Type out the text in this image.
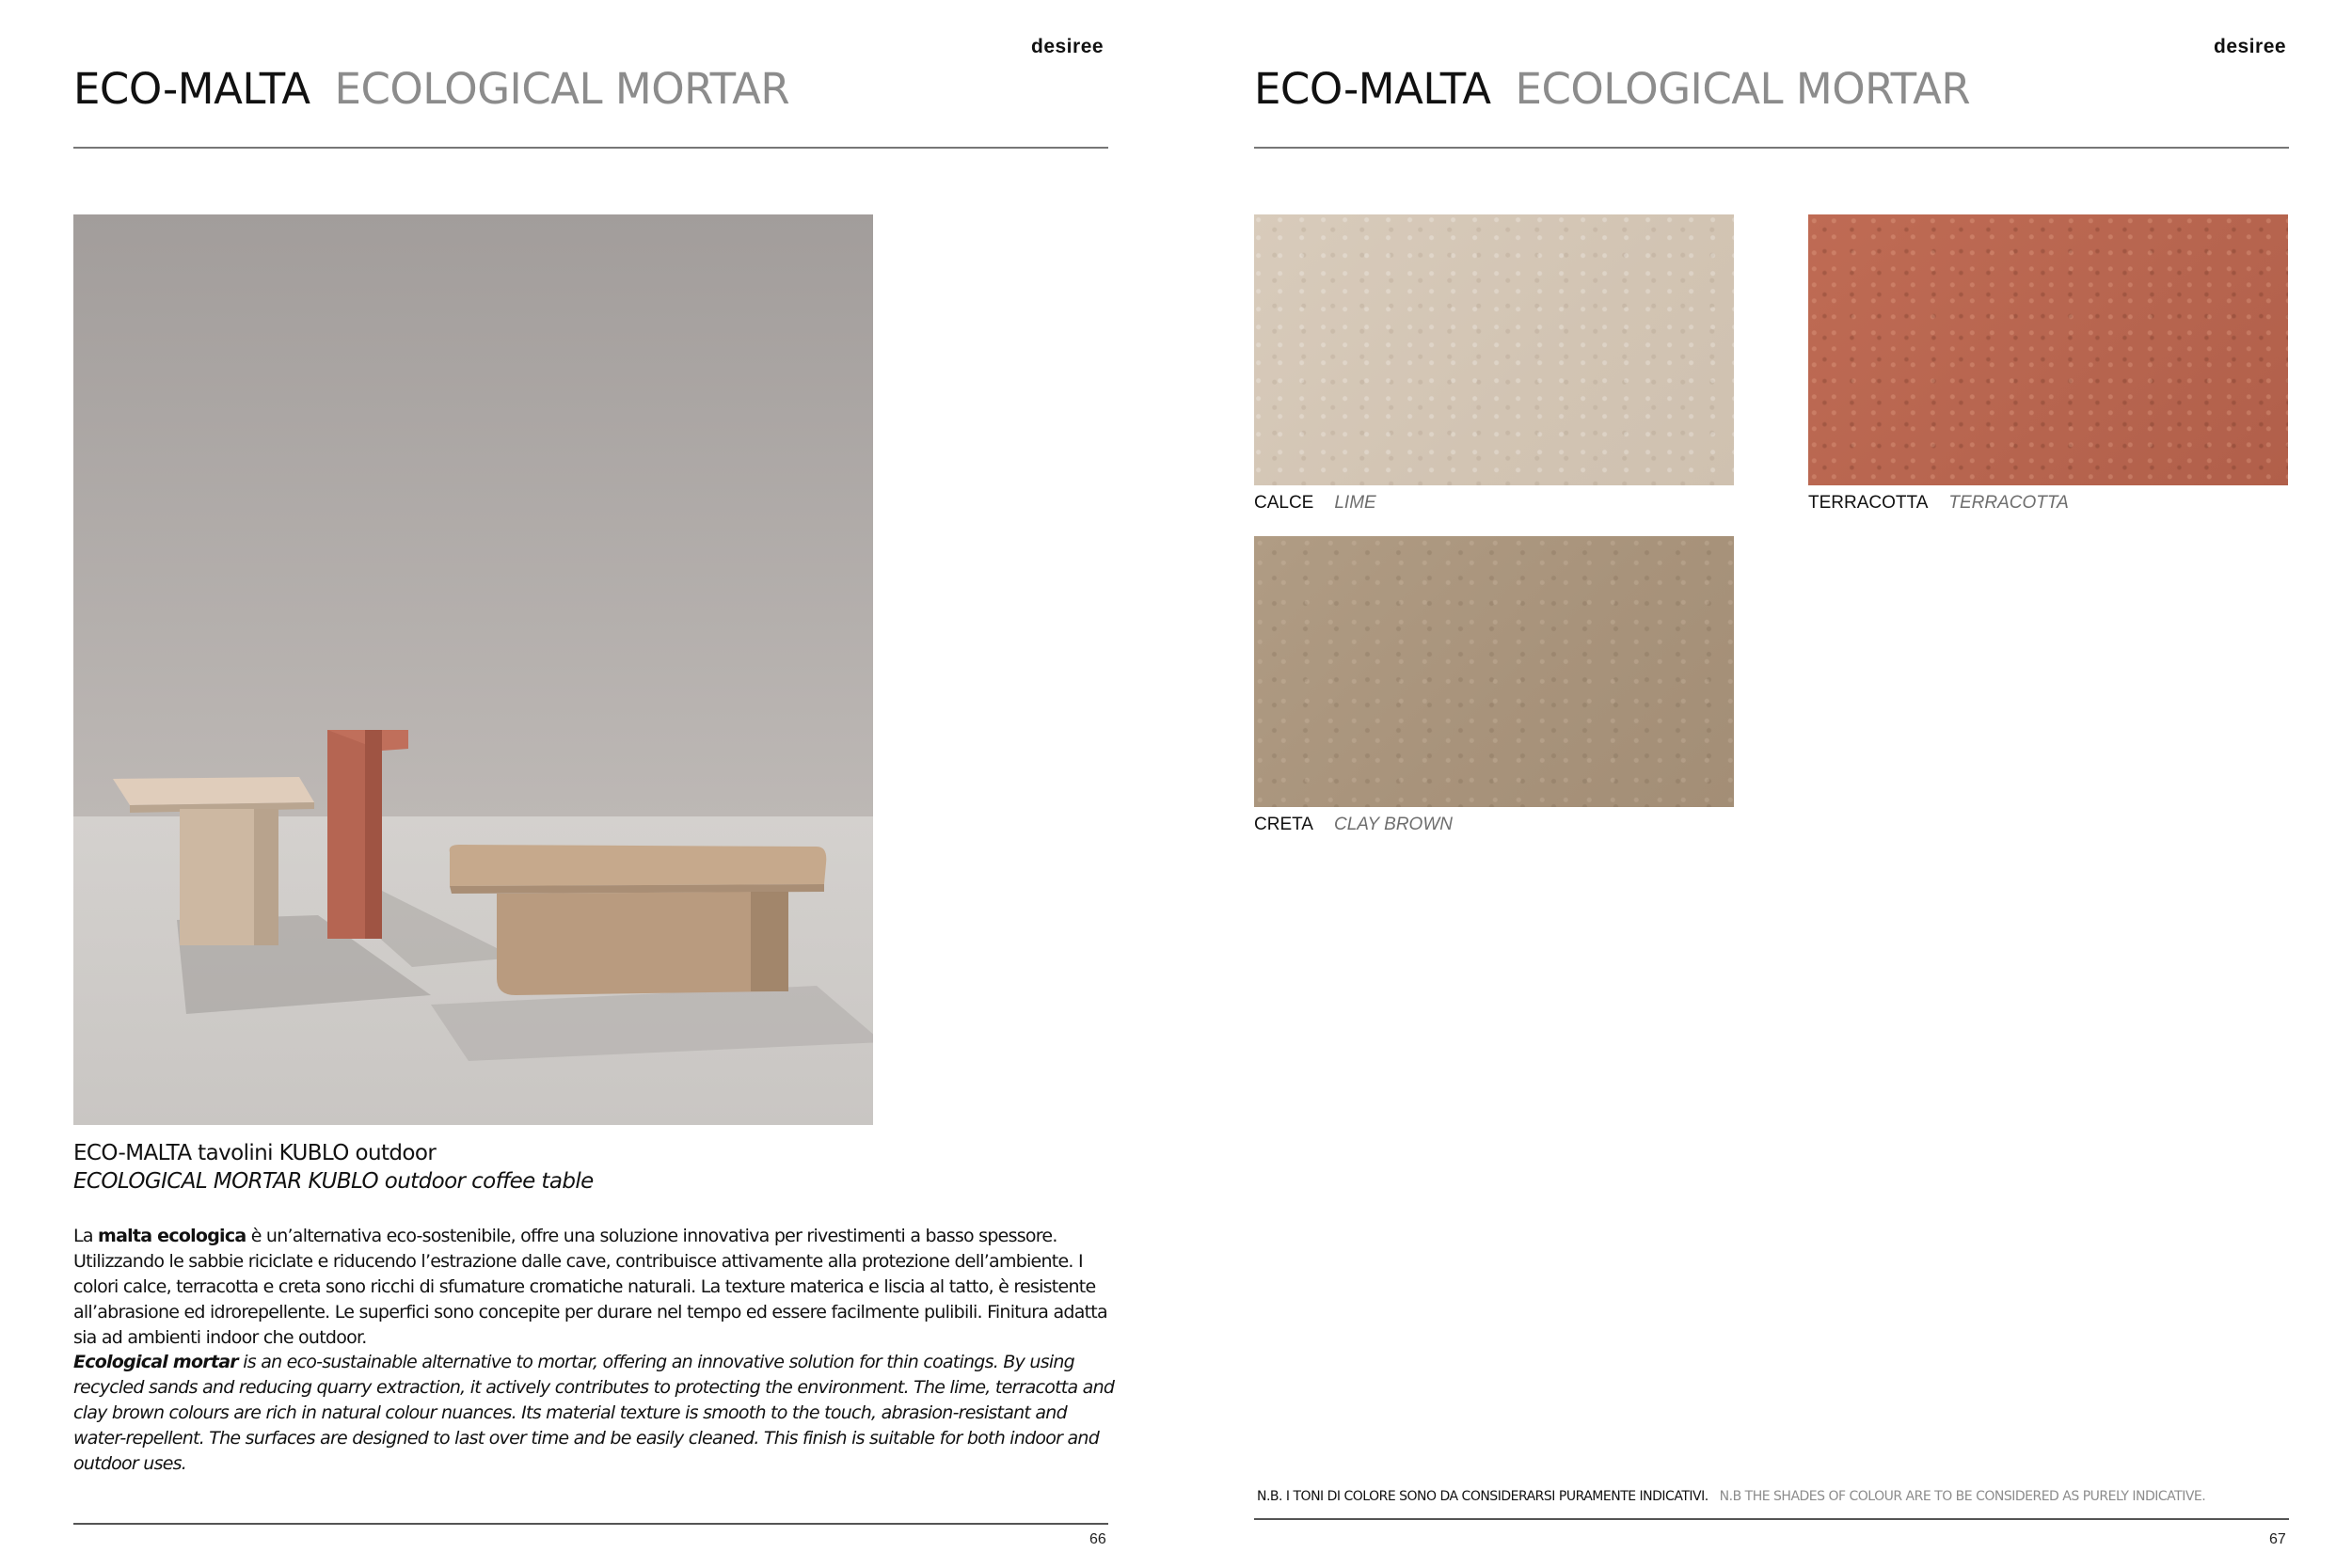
desiree
ECO-MALTA ECOLOGICAL MORTAR
ECO-MALTA tavolini KUBLO outdoor
ECOLOGICAL MORTAR KUBLO outdoor coffee table

La malta ecologica è un’alternativa eco-sostenibile, offre una soluzione innovativa per rivestimenti a basso spessore. Utilizzando le sabbie riciclate e riducendo l’estrazione dalle cave, contribuisce attivamente alla protezione dell’ambiente. I colori calce, terracotta e creta sono ricchi di sfumature cromatiche naturali. La texture materica e liscia al tatto, è resistente all’abrasione ed idrorepellente. Le superfici sono concepite per durare nel tempo ed essere facilmente pulibili. Finitura adatta sia ad ambienti indoor che outdoor.

Ecological mortar is an eco-sustainable alternative to mortar, offering an innovative solution for thin coatings. By using recycled sands and reducing quarry extraction, it actively contributes to protecting the environment. The lime, terracotta and clay brown colours are rich in natural colour nuances. Its material texture is smooth to the touch, abrasion-resistant and water-repellent. The surfaces are designed to last over time and be easily cleaned. This finish is suitable for both indoor and outdoor uses.

66
desiree
ECO-MALTA ECOLOGICAL MORTAR
CALCE LIME	TERRACOTTA TERRACOTTA
CRETA CLAY BROWN
N.B. I TONI DI COLORE SONO DA CONSIDERARSI PURAMENTE INDICATIVI. N.B THE SHADES OF COLOUR ARE TO BE CONSIDERED AS PURELY INDICATIVE.
67
